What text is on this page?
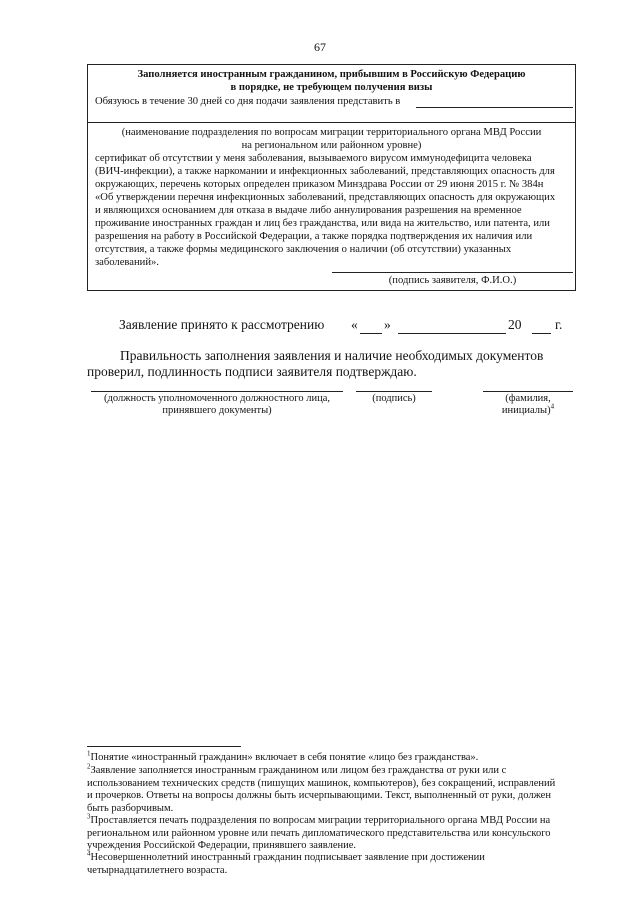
67
Заполняется иностранным гражданином, прибывшим в Российскую Федерацию
в порядке, не требующем получения визы
Обязуюсь в течение 30 дней со дня подачи заявления представить в
(наименование подразделения по вопросам миграции территориального органа МВД России
на региональном или районном уровне)
сертификат об отсутствии у меня заболевания, вызываемого вирусом иммунодефицита человека
(ВИЧ-инфекции), а также наркомании и инфекционных заболеваний, представляющих опасность для
окружающих, перечень которых определен приказом Минздрава России от 29 июня 2015 г. № 384н
«Об утверждении перечня инфекционных заболеваний, представляющих опасность для окружающих
и являющихся основанием для отказа в выдаче либо аннулирования разрешения на временное
проживание иностранных граждан и лиц без гражданства, или вида на жительство, или патента, или
разрешения на работу в Российской Федерации, а также порядка подтверждения их наличия или
отсутствия, а также формы медицинского заключения о наличии (об отсутствии) указанных
заболеваний».
(подпись заявителя, Ф.И.О.)
Заявление принято к рассмотрению « »	20 г.
Правильность заполнения заявления и наличие необходимых документов
проверил, подлинность подписи заявителя подтверждаю.
(должность уполномоченного должностного лица,
принявшего документы)
(подпись)	(фамилия,
инициалы)$^4$
$^1$Понятие «иностранный гражданин» включает в себя понятие «лицо без гражданства».
$^2$Заявление заполняется иностранным гражданином или лицом без гражданства от руки или с
использованием технических средств (пишущих машинок, компьютеров), без сокращений, исправлений
и прочерков. Ответы на вопросы должны быть исчерпывающими. Текст, выполненный от руки, должен
быть разборчивым.
$^3$Проставляется печать подразделения по вопросам миграции территориального органа МВД России на
региональном или районном уровне или печать дипломатического представительства или консульского
учреждения Российской Федерации, принявшего заявление.
$^4$Несовершеннолетний иностранный гражданин подписывает заявление при достижении
четырнадцатилетнего возраста.
